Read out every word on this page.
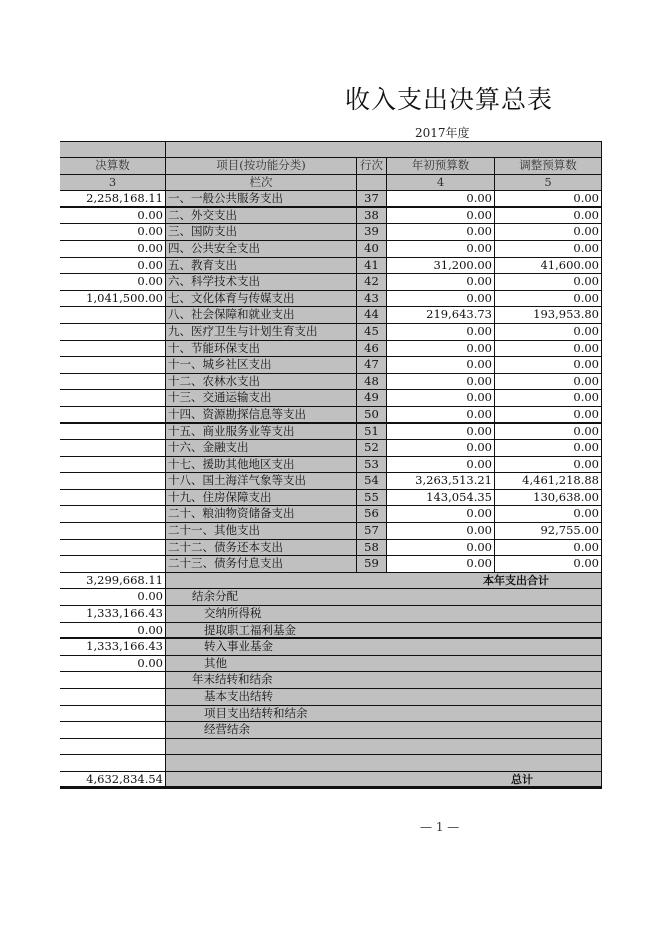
收入支出决算总表
2017年度
决算数	项目(按功能分类)	行次	年初预算数	调整预算数
3	栏次	4	5
2,258,168.11 一、一般公共服务支出	37	0.00	0.00
0.00 二、外交支出	38	0.00	0.00
0.00 三、国防支出	39	0.00	0.00
0.00 四、公共安全支出	40	0.00	0.00
0.00 五、教育支出	41	31,200.00	41,600.00
0.00 六、科学技术支出	42	0.00	0.00
1,041,500.00 七、文化体育与传媒支出	43	0.00	0.00
八、社会保障和就业支出	44	219,643.73	193,953.80
九、医疗卫生与计划生育支出	45	0.00	0.00
十、节能环保支出	46	0.00	0.00
十一、城乡社区支出	47	0.00	0.00
十二、农林水支出	48	0.00	0.00
十三、交通运输支出	49	0.00	0.00
十四、资源勘探信息等支出	50	0.00	0.00
十五、商业服务业等支出	51	0.00	0.00
十六、金融支出	52	0.00	0.00
十七、援助其他地区支出	53	0.00	0.00
十八、国土海洋气象等支出	54	3,263,513.21	4,461,218.88
十九、住房保障支出	55	143,054.35	130,638.00
二十、粮油物资储备支出	56	0.00	0.00
二十一、其他支出	57	0.00	92,755.00
二十二、债务还本支出	58	0.00	0.00
二十三、债务付息支出	59	0.00	0.00
3,299,668.11	本年支出合计
0.00	结余分配
1,333,166.43	交纳所得税
0.00	提取职工福利基金
1,333,166.43	转入事业基金
0.00	其他
年末结转和结余
基本支出结转
项目支出结转和结余
经营结余
4,632,834.54	总计
— 1 —
